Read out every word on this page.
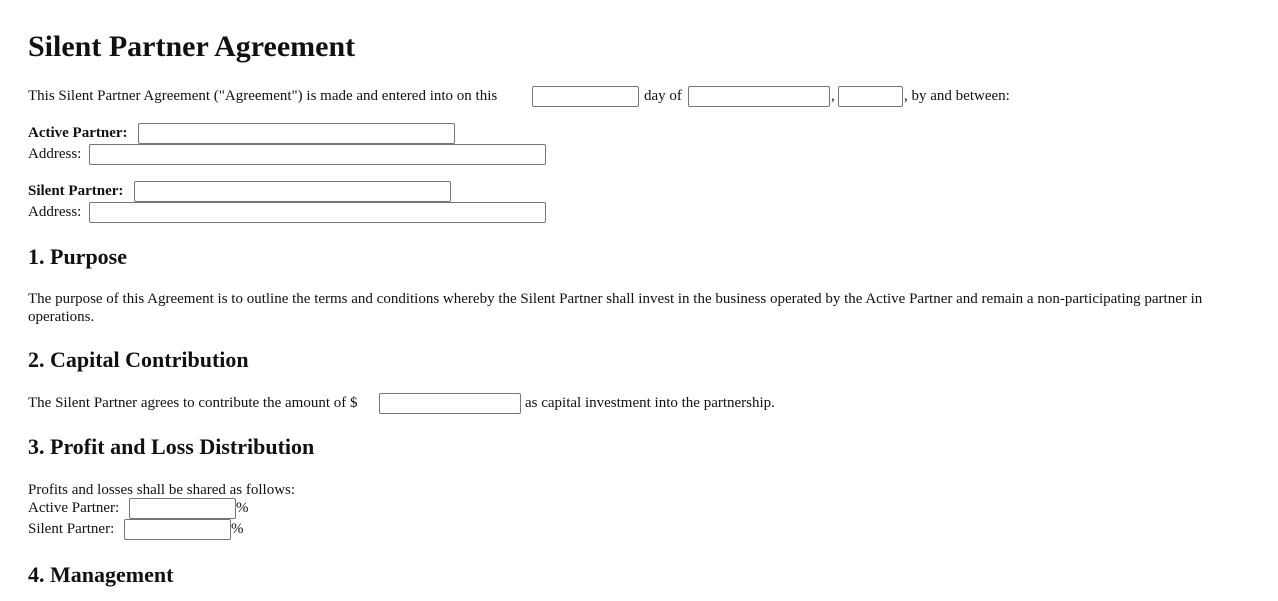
Silent Partner Agreement
This Silent Partner Agreement ("Agreement") is made and entered into on this	day of	,	, by and between:
Active Partner:
Address:
Silent Partner:
Address:
1. Purpose
The purpose of this Agreement is to outline the terms and conditions whereby the Silent Partner shall invest in the business operated by the Active Partner and remain a non-participating partner in operations.
2. Capital Contribution
The Silent Partner agrees to contribute the amount of $	as capital investment into the partnership.
3. Profit and Loss Distribution
Profits and losses shall be shared as follows:
Active Partner:	%
Silent Partner:	%
4. Management
